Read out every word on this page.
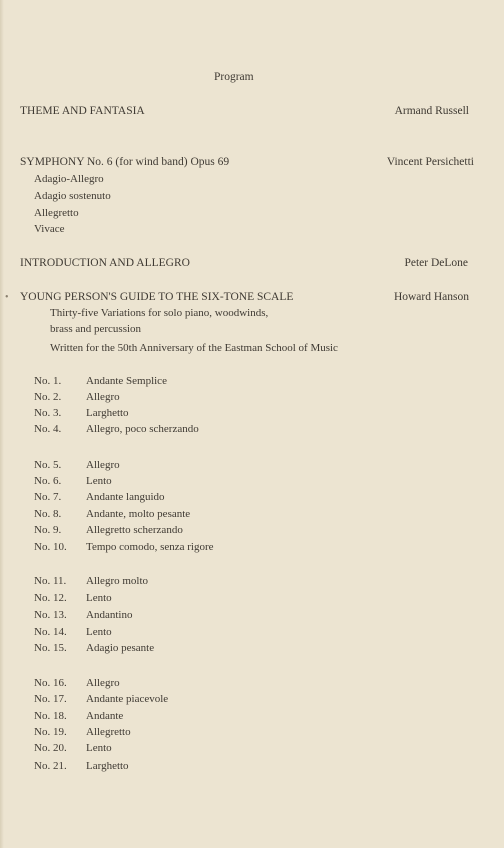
Program
THEME AND FANTASIA	Armand Russell
SYMPHONY No. 6 (for wind band) Opus 69	Vincent Persichetti
Adagio-Allegro
Adagio sostenuto
Allegretto
Vivace
INTRODUCTION AND ALLEGRO	Peter DeLone
• YOUNG PERSON'S GUIDE TO THE SIX-TONE SCALE	Howard Hanson
Thirty-five Variations for solo piano, woodwinds,
brass and percussion
Written for the 50th Anniversary of the Eastman School of Music
No. 1. Andante Semplice
No. 2. Allegro
No. 3. Larghetto
No. 4. Allegro, poco scherzando
No. 5. Allegro
No. 6. Lento
No. 7. Andante languido
No. 8. Andante, molto pesante
No. 9. Allegretto scherzando
No. 10. Tempo comodo, senza rigore
No. 11. Allegro molto
No. 12. Lento
No. 13. Andantino
No. 14. Lento
No. 15. Adagio pesante
No. 16. Allegro
No. 17. Andante piacevole
No. 18. Andante
No. 19. Allegretto
No. 20. Lento
No. 21. Larghetto
